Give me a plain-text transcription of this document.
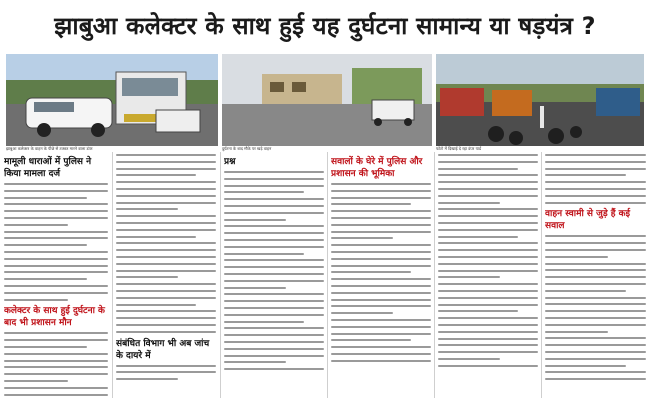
झाबुआ कलेक्टर के साथ हुई यह दुर्घटना सामान्य या षड़यंत्र ?
झाबुआ कलेक्टर के वाहन के पीछे से टक्कर मारने वाला डंपर	दुर्घटना के बाद मौके पर खड़े वाहन	फोटो में दिखाई दे रहा डंपर यार्ड
मामूली धाराओं में पुलिस ने किया मामला दर्ज
कलेक्टर के साथ हुई दुर्घटना के बाद भी प्रशासन मौन
संबंधित विभाग भी अब जांच के दायरे में
प्रश्न	सवालों के घेरे में पुलिस और प्रशासन की भूमिका
वाहन स्वामी से जुड़े हैं कई सवाल
